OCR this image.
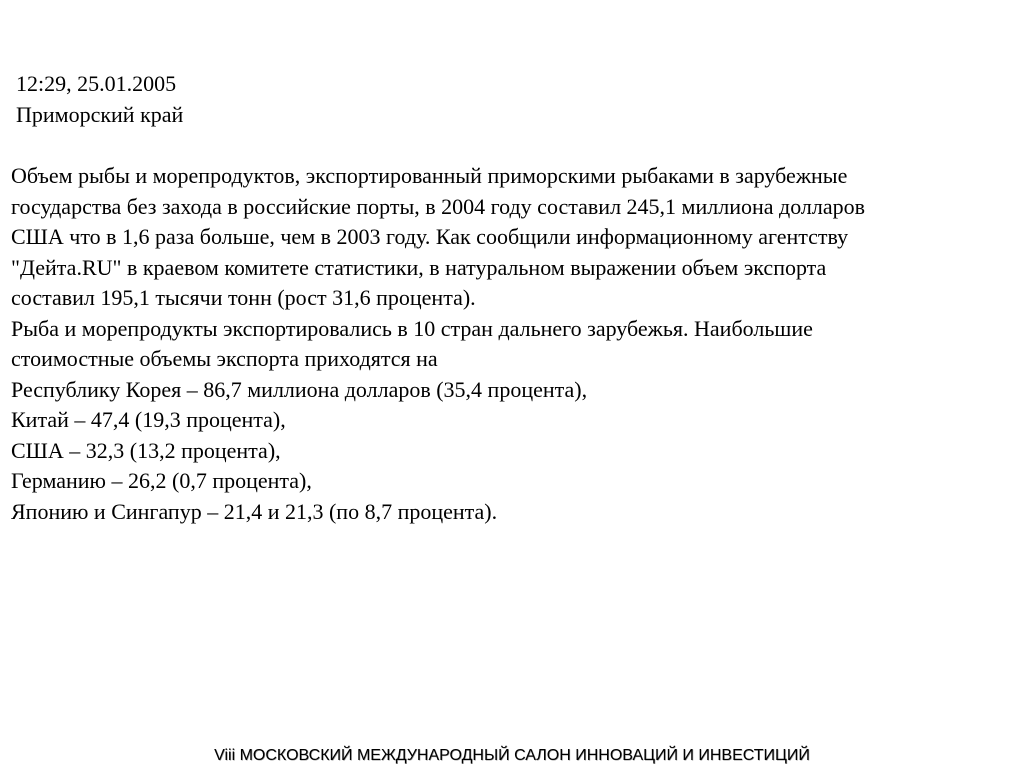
12:29, 25.01.2005
Приморский край
Объем рыбы и морепродуктов, экспортированный приморскими рыбаками в зарубежные
государства без захода в российские порты, в 2004 году составил 245,1 миллиона долларов
США что в 1,6 раза больше, чем в 2003 году. Как сообщили информационному агентству
"Дейта.RU" в краевом комитете статистики, в натуральном выражении объем экспорта
составил 195,1 тысячи тонн (рост 31,6 процента).
Рыба и морепродукты экспортировались в 10 стран дальнего зарубежья. Наибольшие
стоимостные объемы экспорта приходятся на
Республику Корея – 86,7 миллиона долларов (35,4 процента),
Китай – 47,4 (19,3 процента),
США – 32,3 (13,2 процента),
Германию – 26,2 (0,7 процента),
Японию и Сингапур – 21,4 и 21,3 (по 8,7 процента).
Viii МОСКОВСКИЙ МЕЖДУНАРОДНЫЙ САЛОН ИННОВАЦИЙ И ИНВЕСТИЦИЙ
